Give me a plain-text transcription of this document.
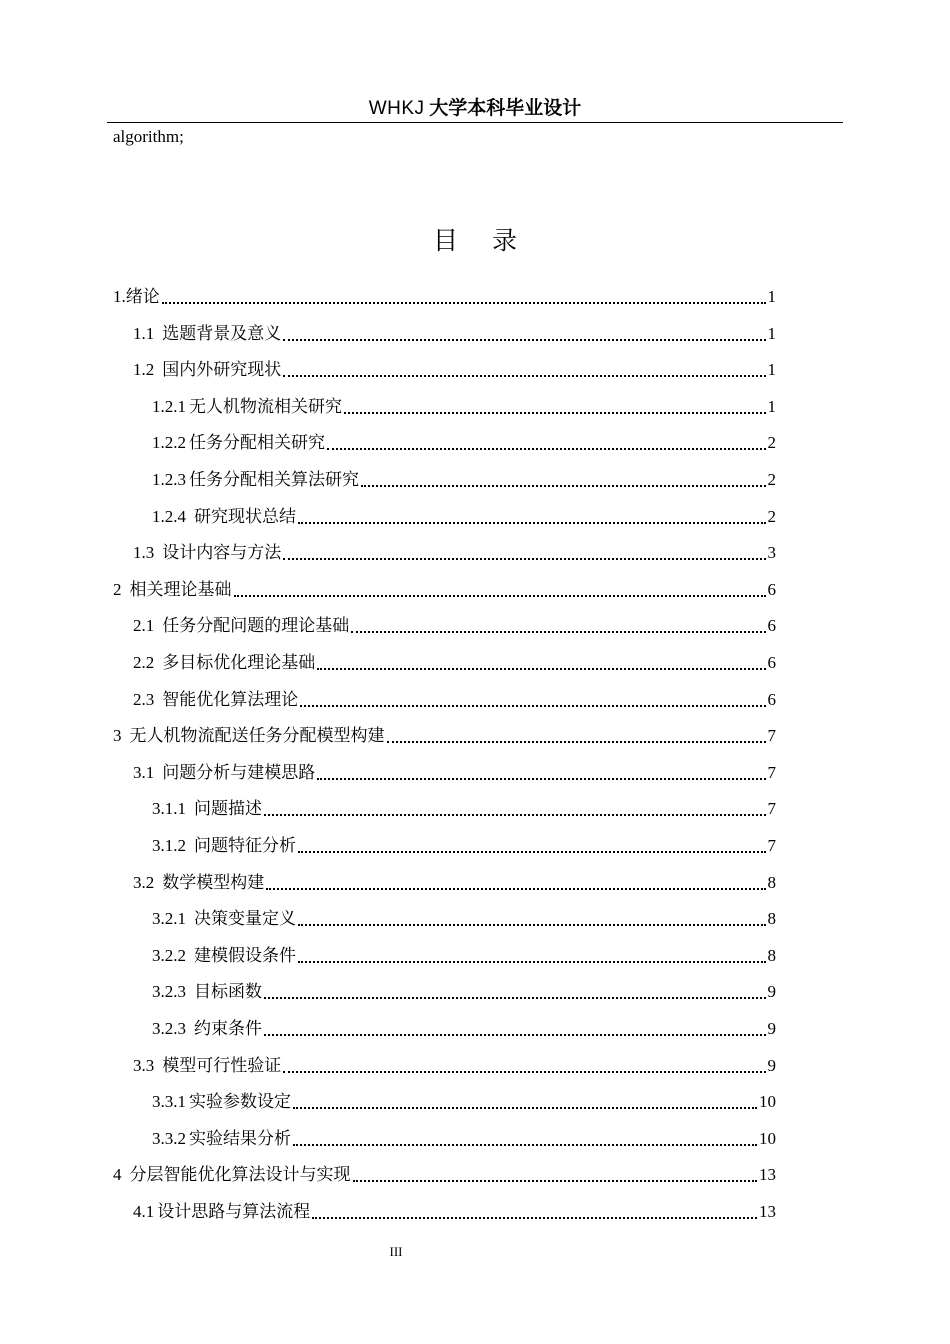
WHKJ 大学本科毕业设计
algorithm;
目 录
1.绪论	1
1.1 选题背景及意义	1
1.2 国内外研究现状	1
1.2.1 无人机物流相关研究	1
1.2.2 任务分配相关研究	2
1.2.3 任务分配相关算法研究	2
1.2.4 研究现状总结	2
1.3 设计内容与方法	3
2 相关理论基础	6
2.1 任务分配问题的理论基础	6
2.2 多目标优化理论基础	6
2.3 智能优化算法理论	6
3 无人机物流配送任务分配模型构建	7
3.1 问题分析与建模思路	7
3.1.1 问题描述	7
3.1.2 问题特征分析	7
3.2 数学模型构建	8
3.2.1 决策变量定义	8
3.2.2 建模假设条件	8
3.2.3 目标函数	9
3.2.3 约束条件	9
3.3 模型可行性验证	9
3.3.1 实验参数设定	10
3.3.2 实验结果分析	10
4 分层智能优化算法设计与实现	13
4.1 设计思路与算法流程	13
III
